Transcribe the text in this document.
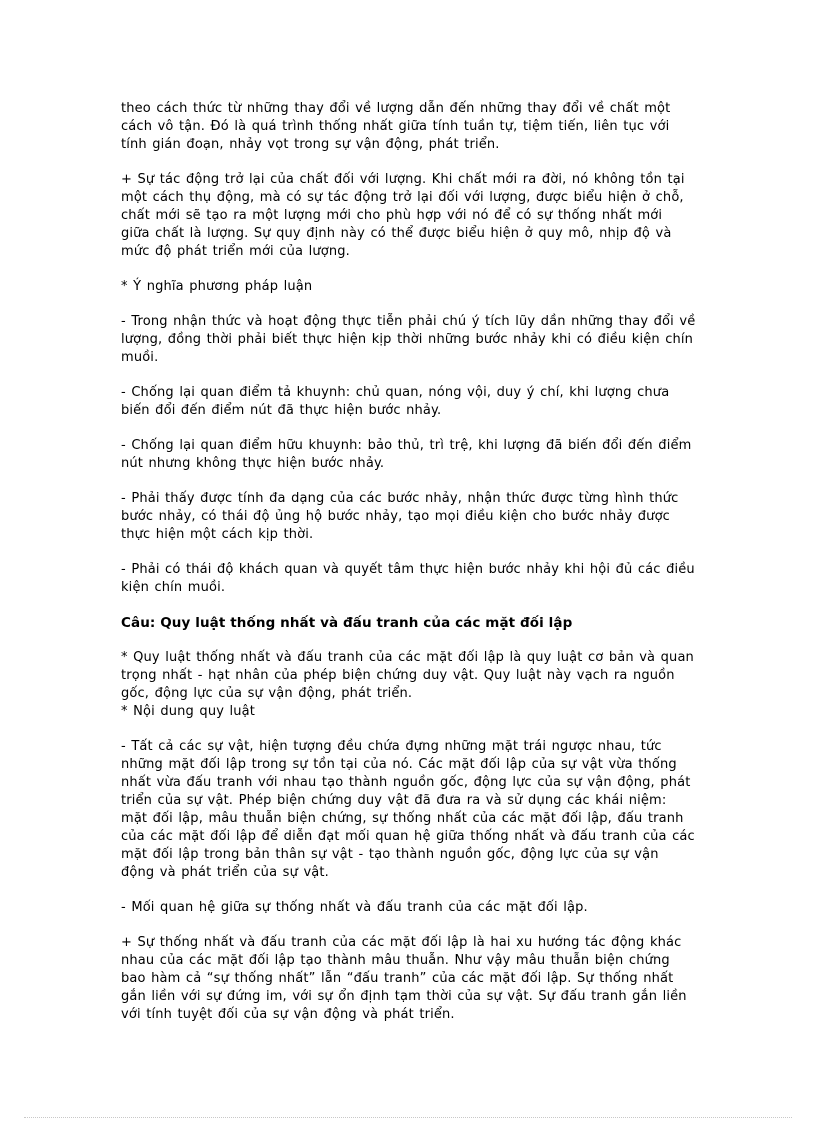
theo cách thức từ những thay đổi về lượng dẫn đến những thay đổi về chất một cách vô tận. Đó là quá trình thống nhất giữa tính tuần tự, tiệm tiến, liên tục với tính gián đoạn, nhảy vọt trong sự vận động, phát triển.

+ Sự tác động trở lại của chất đối với lượng. Khi chất mới ra đời, nó không tồn tại một cách thụ động, mà có sự tác động trở lại đối với lượng, được biểu hiện ở chỗ, chất mới sẽ tạo ra một lượng mới cho phù hợp với nó để có sự thống nhất mới giữa chất là lượng. Sự quy định này có thể được biểu hiện ở quy mô, nhịp độ và mức độ phát triển mới của lượng.

* Ý nghĩa phương pháp luận

- Trong nhận thức và hoạt động thực tiễn phải chú ý tích lũy dần những thay đổi về lượng, đồng thời phải biết thực hiện kịp thời những bước nhảy khi có điều kiện chín muồi.

- Chống lại quan điểm tả khuynh: chủ quan, nóng vội, duy ý chí, khi lượng chưa biến đổi đến điểm nút đã thực hiện bước nhảy.

- Chống lại quan điểm hữu khuynh: bảo thủ, trì trệ, khi lượng đã biến đổi đến điểm nút nhưng không thực hiện bước nhảy.

- Phải thấy được tính đa dạng của các bước nhảy, nhận thức được từng hình thức bước nhảy, có thái độ ủng hộ bước nhảy, tạo mọi điều kiện cho bước nhảy được thực hiện một cách kịp thời.

- Phải có thái độ khách quan và quyết tâm thực hiện bước nhảy khi hội đủ các điều kiện chín muồi.

Câu: Quy luật thống nhất và đấu tranh của các mặt đối lập

* Quy luật thống nhất và đấu tranh của các mặt đối lập là quy luật cơ bản và quan trọng nhất - hạt nhân của phép biện chứng duy vật. Quy luật này vạch ra nguồn gốc, động lực của sự vận động, phát triển.

* Nội dung quy luật

- Tất cả các sự vật, hiện tượng đều chứa đựng những mặt trái ngược nhau, tức những mặt đối lập trong sự tồn tại của nó. Các mặt đối lập của sự vật vừa thống nhất vừa đấu tranh với nhau tạo thành nguồn gốc, động lực của sự vận động, phát triển của sự vật. Phép biện chứng duy vật đã đưa ra và sử dụng các khái niệm: mặt đối lập, mâu thuẫn biện chứng, sự thống nhất của các mặt đối lập, đấu tranh của các mặt đối lập để diễn đạt mối quan hệ giữa thống nhất và đấu tranh của các mặt đối lập trong bản thân sự vật - tạo thành nguồn gốc, động lực của sự vận động và phát triển của sự vật.

- Mối quan hệ giữa sự thống nhất và đấu tranh của các mặt đối lập.

+ Sự thống nhất và đấu tranh của các mặt đối lập là hai xu hướng tác động khác nhau của các mặt đối lập tạo thành mâu thuẫn. Như vậy mâu thuẫn biện chứng bao hàm cả “sự thống nhất” lẫn “đấu tranh” của các mặt đối lập. Sự thống nhất gắn liền với sự đứng im, với sự ổn định tạm thời của sự vật. Sự đấu tranh gắn liền với tính tuyệt đối của sự vận động và phát triển.
